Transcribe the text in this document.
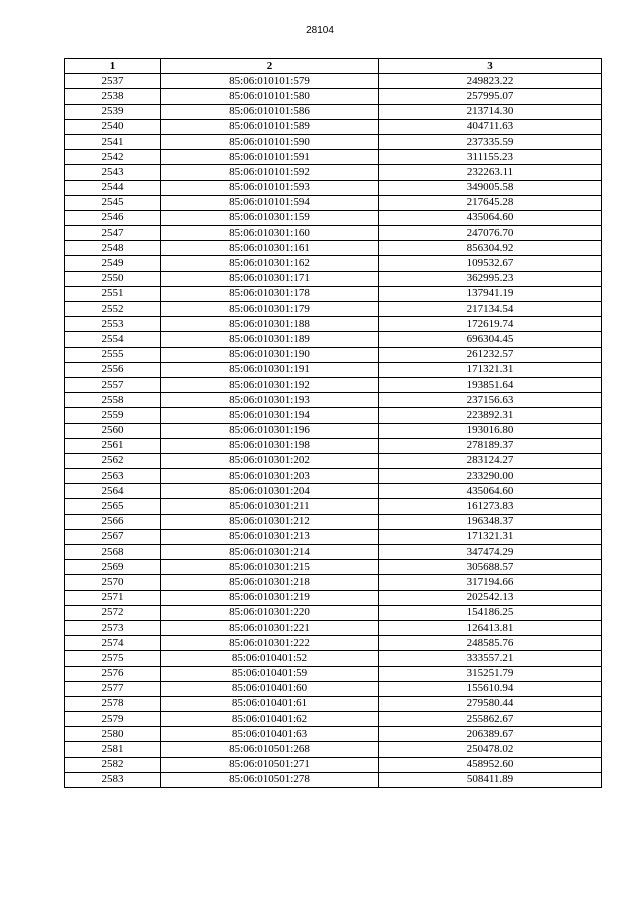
28104
1	2	3
2537	85:06:010101:579	249823.22
2538	85:06:010101:580	257995.07
2539	85:06:010101:586	213714.30
2540	85:06:010101:589	404711.63
2541	85:06:010101:590	237335.59
2542	85:06:010101:591	311155.23
2543	85:06:010101:592	232263.11
2544	85:06:010101:593	349005.58
2545	85:06:010101:594	217645.28
2546	85:06:010301:159	435064.60
2547	85:06:010301:160	247076.70
2548	85:06:010301:161	856304.92
2549	85:06:010301:162	109532.67
2550	85:06:010301:171	362995.23
2551	85:06:010301:178	137941.19
2552	85:06:010301:179	217134.54
2553	85:06:010301:188	172619.74
2554	85:06:010301:189	696304.45
2555	85:06:010301:190	261232.57
2556	85:06:010301:191	171321.31
2557	85:06:010301:192	193851.64
2558	85:06:010301:193	237156.63
2559	85:06:010301:194	223892.31
2560	85:06:010301:196	193016.80
2561	85:06:010301:198	278189.37
2562	85:06:010301:202	283124.27
2563	85:06:010301:203	233290.00
2564	85:06:010301:204	435064.60
2565	85:06:010301:211	161273.83
2566	85:06:010301:212	196348.37
2567	85:06:010301:213	171321.31
2568	85:06:010301:214	347474.29
2569	85:06:010301:215	305688.57
2570	85:06:010301:218	317194.66
2571	85:06:010301:219	202542.13
2572	85:06:010301:220	154186.25
2573	85:06:010301:221	126413.81
2574	85:06:010301:222	248585.76
2575	85:06:010401:52	333557.21
2576	85:06:010401:59	315251.79
2577	85:06:010401:60	155610.94
2578	85:06:010401:61	279580.44
2579	85:06:010401:62	255862.67
2580	85:06:010401:63	206389.67
2581	85:06:010501:268	250478.02
2582	85:06:010501:271	458952.60
2583	85:06:010501:278	508411.89
